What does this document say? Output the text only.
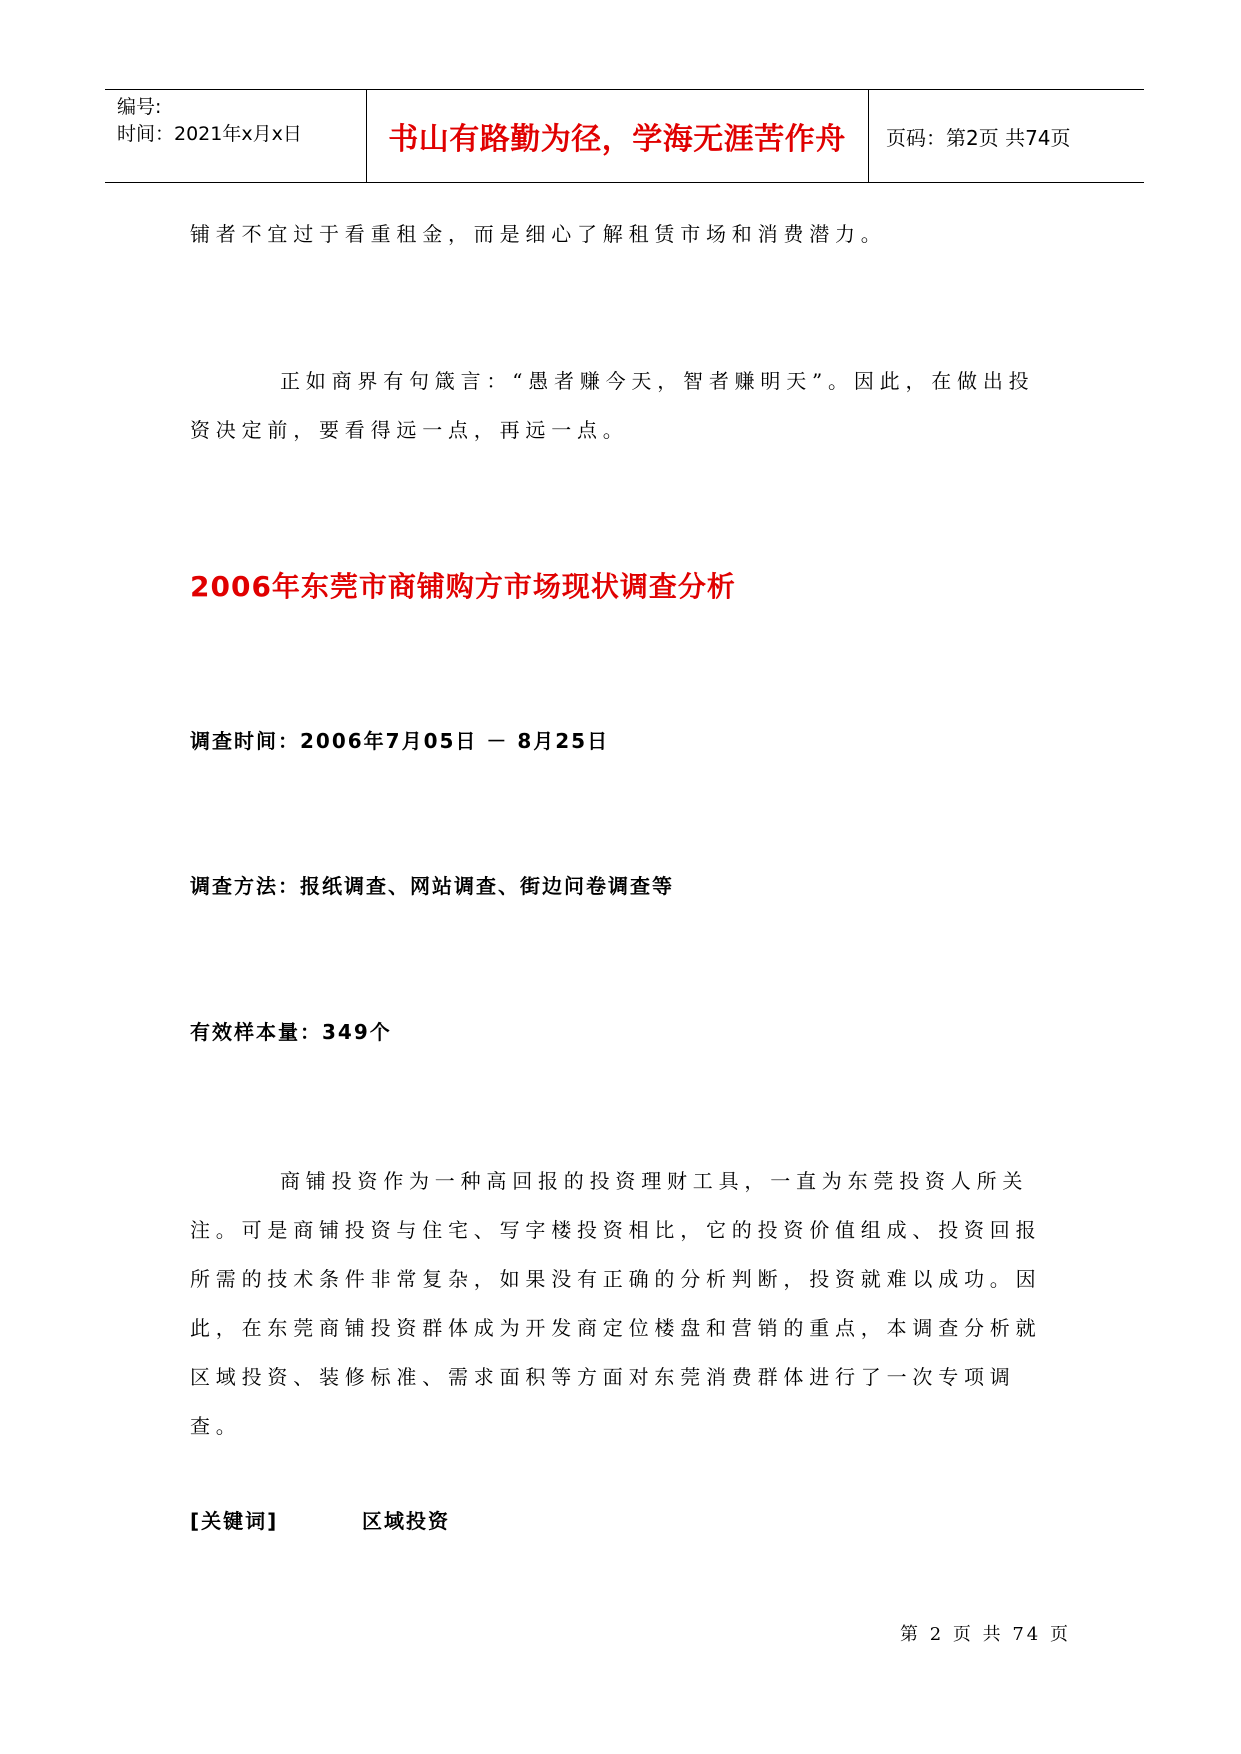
编号:
时间：2021年x月x日	书山有路勤为径，学海无涯苦作舟	页码：第2页 共74页

铺者不宜过于看重租金，而是细心了解租赁市场和消费潜力。

正如商界有句箴言：“愚者赚今天，智者赚明天”。因此，在做出投资决定前，要看得远一点，再远一点。

2006年东莞市商铺购方市场现状调查分析

调查时间：2006年7月05日 － 8月25日

调查方法：报纸调查、网站调查、街边问卷调查等

有效样本量：349个

商铺投资作为一种高回报的投资理财工具，一直为东莞投资人所关注。可是商铺投资与住宅、写字楼投资相比，它的投资价值组成、投资回报所需的技术条件非常复杂，如果没有正确的分析判断，投资就难以成功。因此，在东莞商铺投资群体成为开发商定位楼盘和营销的重点，本调查分析就区域投资、装修标准、需求面积等方面对东莞消费群体进行了一次专项调查。

[关键词]	区域投资
第 2 页 共 74 页
